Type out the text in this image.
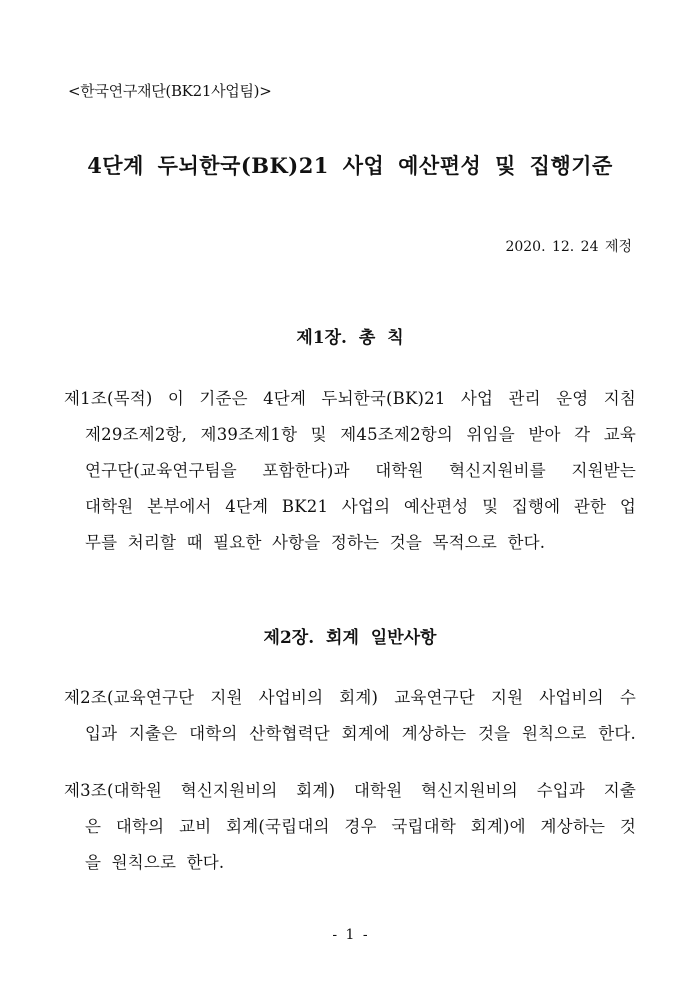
<한국연구재단(BK21사업팀)>
4단계 두뇌한국(BK)21 사업 예산편성 및 집행기준
2020. 12. 24 제정
제1장. 총 칙
제1조(목적) 이 기준은 4단계 두뇌한국(BK)21 사업 관리 운영 지침
제29조제2항, 제39조제1항 및 제45조제2항의 위임을 받아 각 교육
연구단(교육연구팀을 포함한다)과 대학원 혁신지원비를 지원받는
대학원 본부에서 4단계 BK21 사업의 예산편성 및 집행에 관한 업
무를 처리할 때 필요한 사항을 정하는 것을 목적으로 한다.
제2장. 회계 일반사항
제2조(교육연구단 지원 사업비의 회계) 교육연구단 지원 사업비의 수
입과 지출은 대학의 산학협력단 회계에 계상하는 것을 원칙으로 한다.
제3조(대학원 혁신지원비의 회계) 대학원 혁신지원비의 수입과 지출
은 대학의 교비 회계(국립대의 경우 국립대학 회계)에 계상하는 것
을 원칙으로 한다.
- 1 -
